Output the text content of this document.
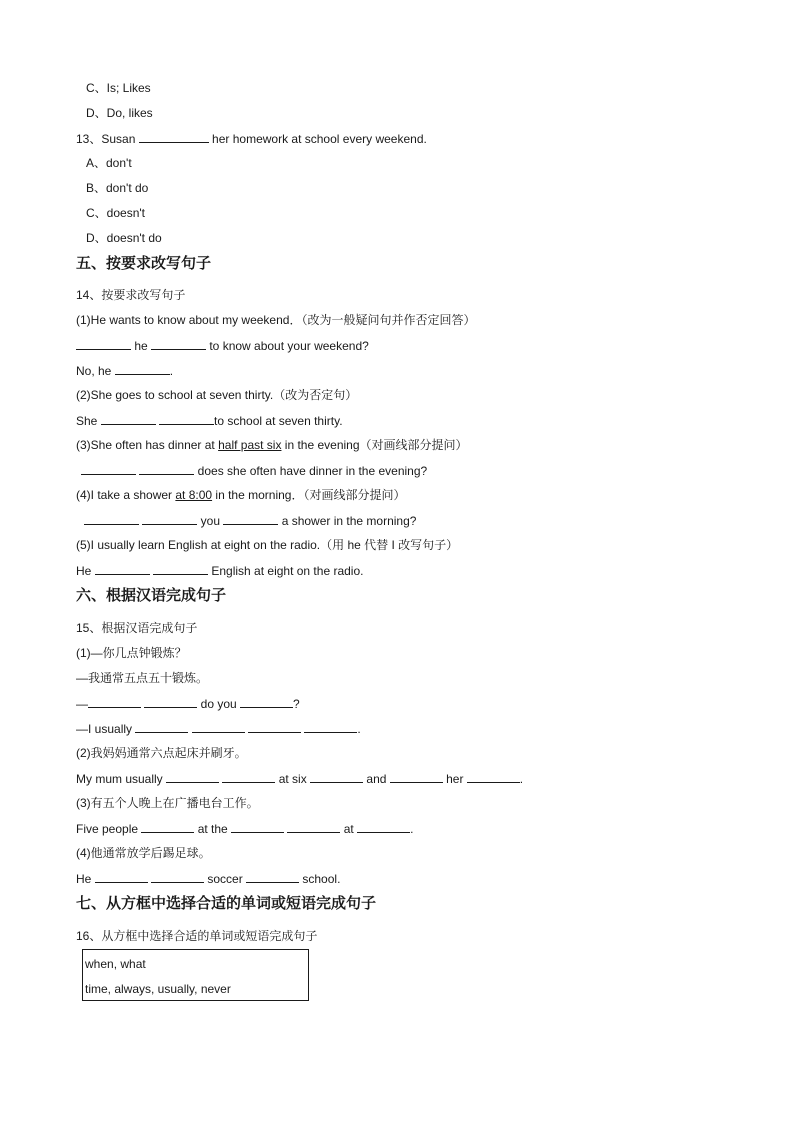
C、Is; Likes
D、Do, likes
13、Susan	her homework at school every weekend.
A、don't
B、don't do
C、doesn't
D、doesn't do
五、按要求改写句子
14、按要求改写句子
(1)He wants to know about my weekend．（改为一般疑问句并作否定回答）
he	to know about your weekend?
No, he	.
(2)She goes to school at seven thirty.（改为否定句）
She	to school at seven thirty.
(3)She often has dinner at half past six in the evening（对画线部分提问）
does she often have dinner in the evening?
(4)I take a shower at 8:00 in the morning．（对画线部分提问）
you	a shower in the morning?
(5)I usually learn English at eight on the radio.（用 he 代替 I 改写句子）
He	English at eight on the radio.
六、根据汉语完成句子
15、根据汉语完成句子
(1)—你几点钟锻炼？
—我通常五点五十锻炼。
—	do you	?
—I usually	.
(2)我妈妈通常六点起床并刷牙。
My mum usually	at six	and	her	.
(3)有五个人晚上在广播电台工作。
Five people	at the	at	.
(4)他通常放学后踢足球。
He	soccer	school.
七、从方框中选择合适的单词或短语完成句子
16、从方框中选择合适的单词或短语完成句子
when, what
time, always, usually, never
